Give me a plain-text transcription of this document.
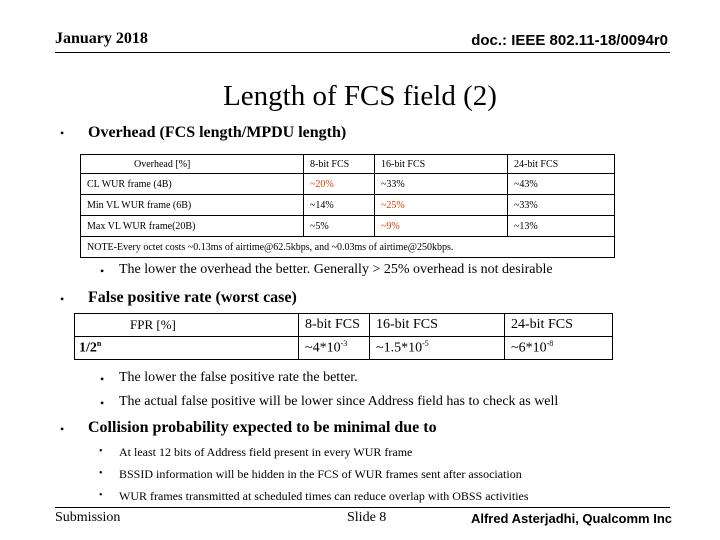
January 2018	doc.: IEEE 802.11-18/0094r0
Length of FCS field (2)
• Overhead (FCS length/MPDU length)
Overhead [%]	8-bit FCS	16-bit FCS	24-bit FCS
CL WUR frame (4B)	~20%	~33%	~43%
Min VL WUR frame (6B)	~14%	~25%	~33%
Max VL WUR frame(20B)	~5%	~9%	~13%
NOTE-Every octet costs ~0.13ms of airtime@62.5kbps, and ~0.03ms of airtime@250kbps.			
• The lower the overhead the better. Generally > 25% overhead is not desirable
• False positive rate (worst case)
FPR [%]	8-bit FCS	16-bit FCS	24-bit FCS
1/2$^n$	$\sim 4*10^{-3}$	$\sim 1.5*10^{-5}$	$\sim 6*10^{-8}$
• The lower the false positive rate the better.
• The actual false positive will be lower since Address field has to check as well
• Collision probability expected to be minimal due to
• At least 12 bits of Address field present in every WUR frame
• BSSID information will be hidden in the FCS of WUR frames sent after association
• WUR frames transmitted at scheduled times can reduce overlap with OBSS activities
Submission	Slide 8	Alfred Asterjadhi, Qualcomm Inc
